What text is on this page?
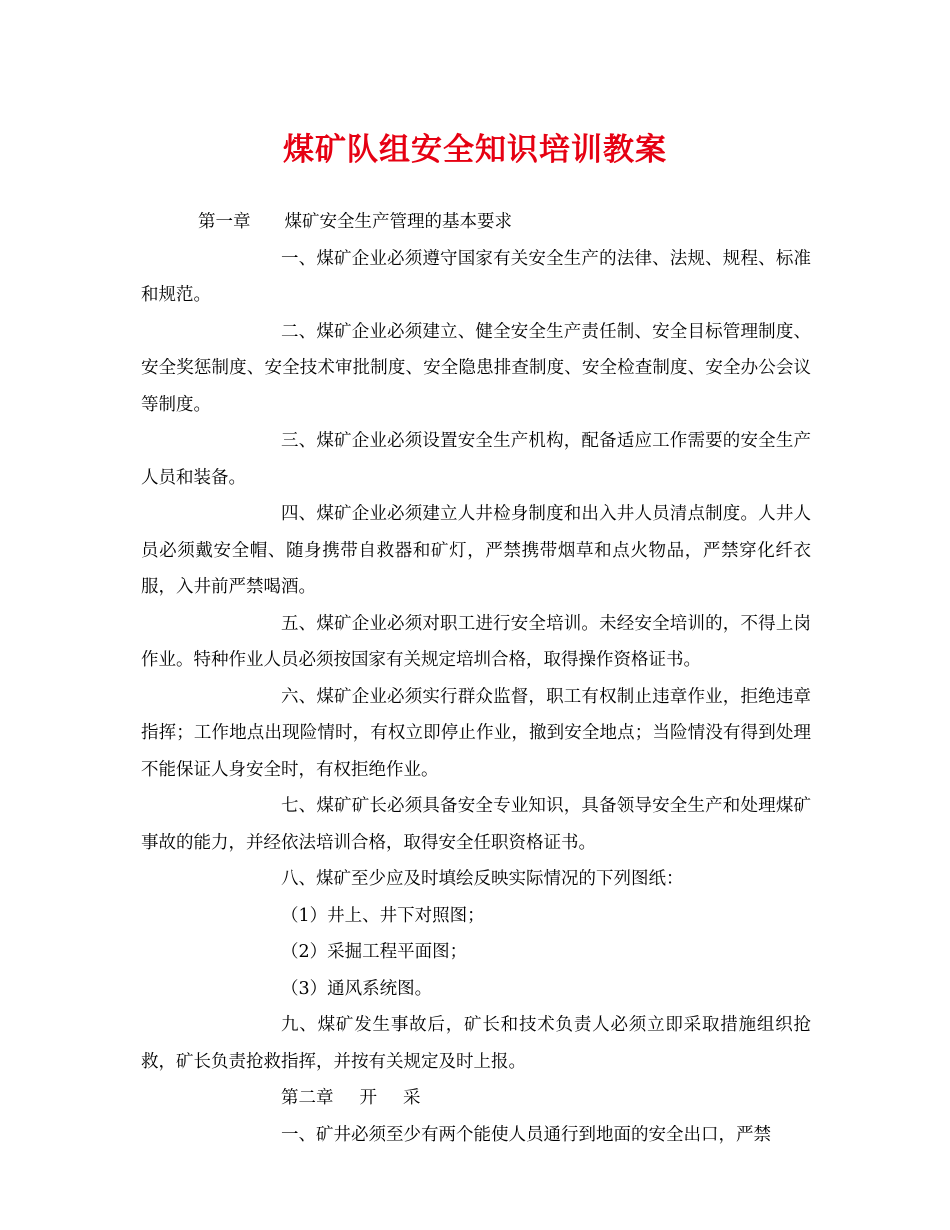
煤矿队组安全知识培训教案

第一章 煤矿安全生产管理的基本要求

一、煤矿企业必须遵守国家有关安全生产的法律、法规、规程、标准和规范。

二、煤矿企业必须建立、健全安全生产责任制、安全目标管理制度、安全奖惩制度、安全技术审批制度、安全隐患排查制度、安全检查制度、安全办公会议等制度。

三、煤矿企业必须设置安全生产机构，配备适应工作需要的安全生产人员和装备。

四、煤矿企业必须建立人井检身制度和出入井人员清点制度。人井人员必须戴安全帽、随身携带自救器和矿灯，严禁携带烟草和点火物品，严禁穿化纤衣服，入井前严禁喝酒。

五、煤矿企业必须对职工进行安全培训。未经安全培训的，不得上岗作业。特种作业人员必须按国家有关规定培圳合格，取得操作资格证书。

六、煤矿企业必须实行群众监督，职工有权制止违章作业，拒绝违章指挥；工作地点出现险情时，有权立即停止作业，撤到安全地点；当险情没有得到处理不能保证人身安全时，有权拒绝作业。

七、煤矿矿长必须具备安全专业知识，具备领导安全生产和处理煤矿事故的能力，并经依法培训合格，取得安全任职资格证书。

八、煤矿至少应及时填绘反映实际情况的下列图纸：

（1）井上、井下对照图；

（2）采掘工程平面图；

（3）通风系统图。

九、煤矿发生事故后，矿长和技术负责人必须立即采取措施组织抢救，矿长负责抢救指挥，并按有关规定及时上报。

第二章 开 采

一、矿井必须至少有两个能使人员通行到地面的安全出口，严禁
